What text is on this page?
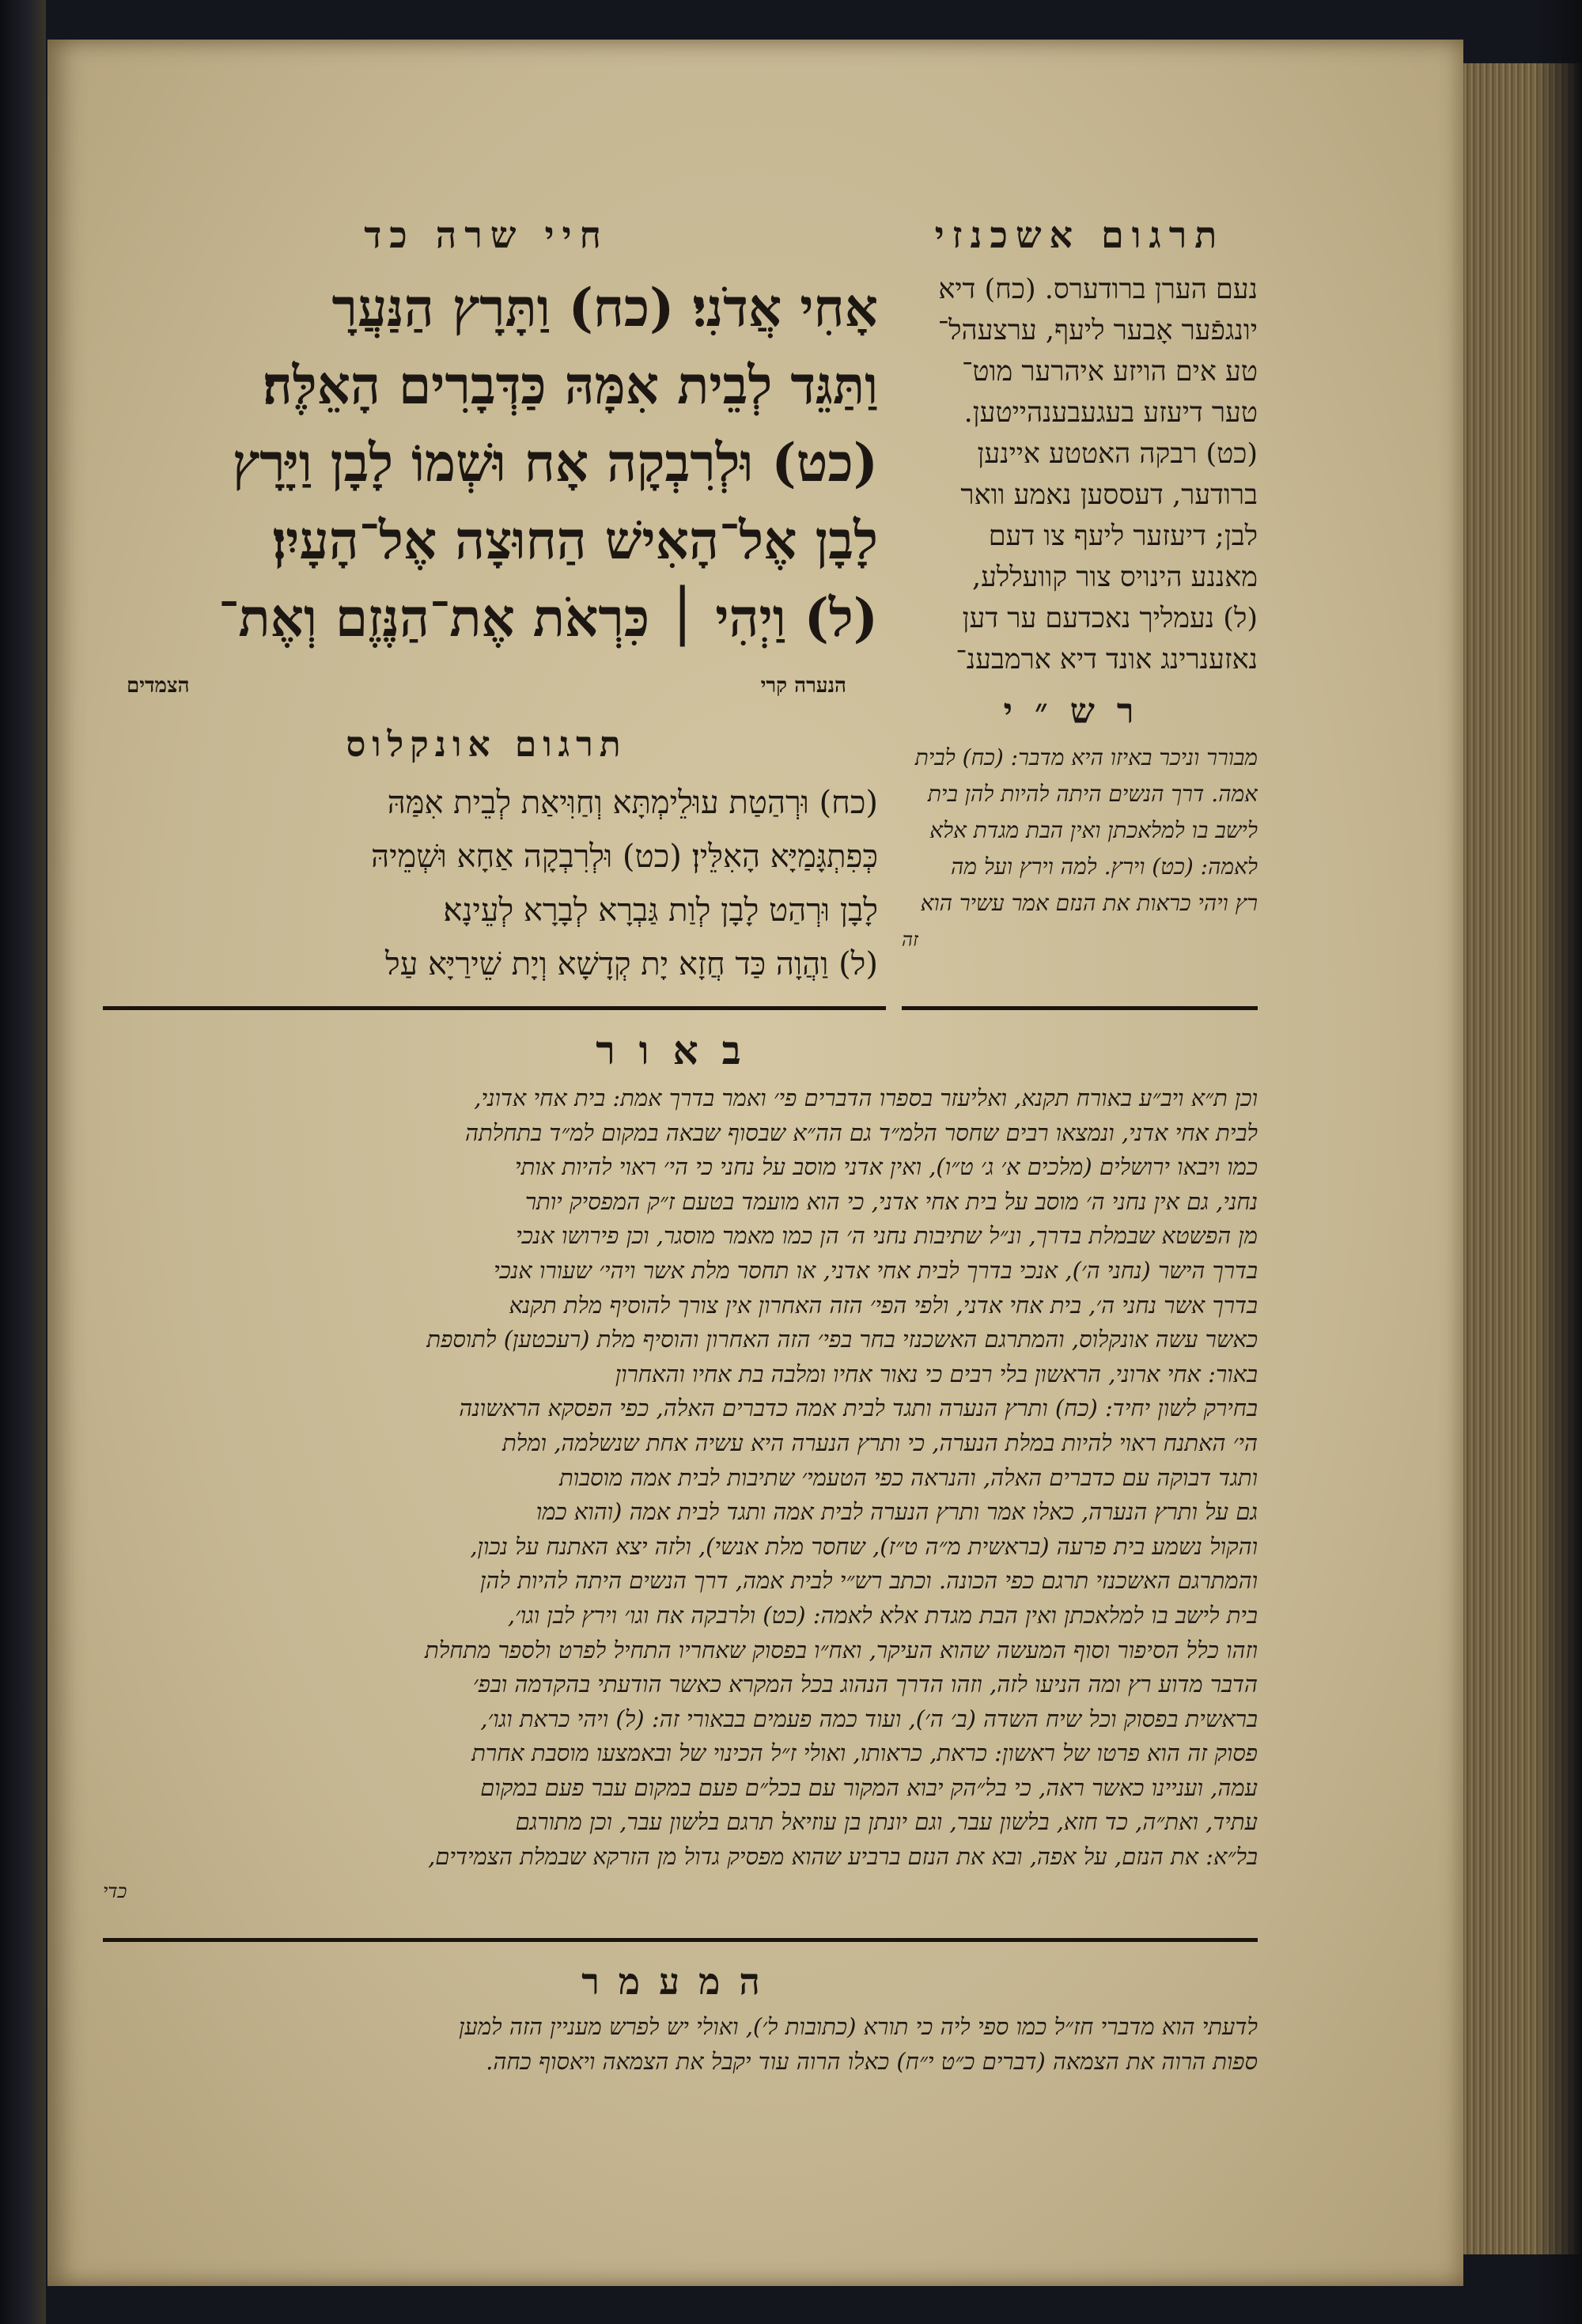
חיי שרה כד
אָחִי אֲדֹנִי׃ (כח) וַתָּרָץ הַנַּעֲרָ
וַתַּגֵּד לְבֵית אִמָּהּ כַּדְּבָרִים הָאֵלֶּה׃
(כט) וּלְרִבְקָה אָח וּשְׁמוֹ לָבָן וַיָּרָץ
לָבָן אֶל־הָאִישׁ הַחוּצָה אֶל־הָעָיִן׃
(ל) וַיְהִי ׀ כִּרְאֹת אֶת־הַנֶּזֶם וְאֶת־
הנערה קרי
הצמדים
תרגום אונקלוס
(כח) וּרְהַטַת עוּלֵימְתָּא וְחַוִּיאַת לְבֵית אִמַּהּ
כְּפִתְגָּמַיָּא הָאִלֵּין׃ (כט) וּלְרִבְקָה אַחָא וּשְׁמֵיהּ
לָבָן וּרְהַט לָבָן לְוַת גַּבְרָא לְבָרָא לְעֵינָא׃
(ל) וַהֲוָה כַּד חֲזָא יָת קְדָשָׁא וְיָת שֵׁירַיָּא עַל
תרגום אשכנזי
נעם הערן ברודערס. (כח) דיא
יונגפֿער אָבער ליעף, ערצעהל־
טע אים הויזע איהרער מוט־
טער דיעזע בעגעבענהייטען.
(כט) רבקה האטטע איינען
ברודער, דעססען נאמע וואר
לבן; דיעזער ליעף צו דעם
מאננע הינויס צור קוועללע,
(ל) נעמליך נאכדעם ער דען
נאזענרינג אונד דיא ארמבענ־
רש״י
מבורר וניכר באיזו היא מדבר: (כח) לבית
אמה. דרך הנשים היתה להיות להן בית
לישב בו למלאכתן ואין הבת מגדת אלא
לאמה: (כט) וירץ. למה וירץ ועל מה
רץ ויהי כראות את הנזם אמר עשיר הוא
זה
באור
וכן ת״א ויב״ע באורח תקנא, ואליעזר בספרו הדברים פי׳ ואמר בדרך אמת: בית אחי אדוני,
לבית אחי אדני, ונמצאו רבים שחסר הלמ״ד גם הה״א שבסוף שבאה במקום למ״ד בתחלתה
כמו ויבאו ירושלים (מלכים א׳ ג׳ ט״ו), ואין אדני מוסב על נחני כי הי׳ ראוי להיות אותי
נחני, גם אין נחני ה׳ מוסב על בית אחי אדני, כי הוא מועמד בטעם ז״ק המפסיק יותר
מן הפשטא שבמלת בדרך, ונ״ל שתיבות נחני ה׳ הן כמו מאמר מוסגר, וכן פירושו אנכי
בדרך הישר (נחני ה׳), אנכי בדרך לבית אחי אדני, או תחסר מלת אשר ויהי׳ שעורו אנכי
בדרך אשר נחני ה׳, בית אחי אדני, ולפי הפי׳ הזה האחרון אין צורך להוסיף מלת תקנא
כאשר עשה אונקלוס, והמתרגם האשכנזי בחר בפי׳ הזה האחרון והוסיף מלת (רעכטען) לתוספת
באור: אחי ארוני, הראשון בלי רבים כי נאור אחיו ומלבה בת אחיו והאחרון
בחירק לשון יחיד: (כח) ותרץ הנערה ותגד לבית אמה כדברים האלה, כפי הפסקא הראשונה
הי׳ האתנח ראוי להיות במלת הנערה, כי ותרץ הנערה היא עשיה אחת שנשלמה, ומלת
ותגד דבוקה עם כדברים האלה, והנראה כפי הטעמי׳ שתיבות לבית אמה מוסבות
גם על ותרץ הנערה, כאלו אמר ותרץ הנערה לבית אמה ותגד לבית אמה (והוא כמו
והקול נשמע בית פרעה (בראשית מ״ה ט״ז), שחסר מלת אנשי), ולזה יצא האתנח על נכון,
והמתרגם האשכנזי תרגם כפי הכונה. וכתב רש״י לבית אמה, דרך הנשים היתה להיות להן
בית לישב בו למלאכתן ואין הבת מגדת אלא לאמה: (כט) ולרבקה אח וגו׳ וירץ לבן וגו׳,
וזהו כלל הסיפור וסוף המעשה שהוא העיקר, ואח״ו בפסוק שאחריו התחיל לפרט ולספר מתחלת
הדבר מדוע רץ ומה הניעו לזה, וזהו הדרך הנהוג בכל המקרא כאשר הודעתי בהקדמה ובפ׳
בראשית בפסוק וכל שיח השדה (ב׳ ה׳), ועוד כמה פעמים בבאורי זה: (ל) ויהי כראת וגו׳,
פסוק זה הוא פרטו של ראשון: כראת, כראותו, ואולי ז״ל הכינוי של ובאמצעו מוסבת אחרת
עמה, ועניינו כאשר ראה, כי בל״הק יבוא המקור עם בכל״ם פעם במקום עבר פעם במקום
עתיד, ואת״ה, כד חזא, בלשון עבר, וגם יונתן בן עוזיאל תרגם בלשון עבר, וכן מתורגם
בל״א: את הנזם, על אפה, ובא את הנזם ברביע שהוא מפסיק גדול מן הזרקא שבמלת הצמידים,
כדי
המעמר
לדעתי הוא מדברי חז״ל כמו ספי ליה כי תורא (כתובות ל׳), ואולי יש לפרש מעניין הזה למען
ספות הרוה את הצמאה (דברים כ״ט י״ח) כאלו הרוה עוד יקבל את הצמאה ויאסוף כחה.
